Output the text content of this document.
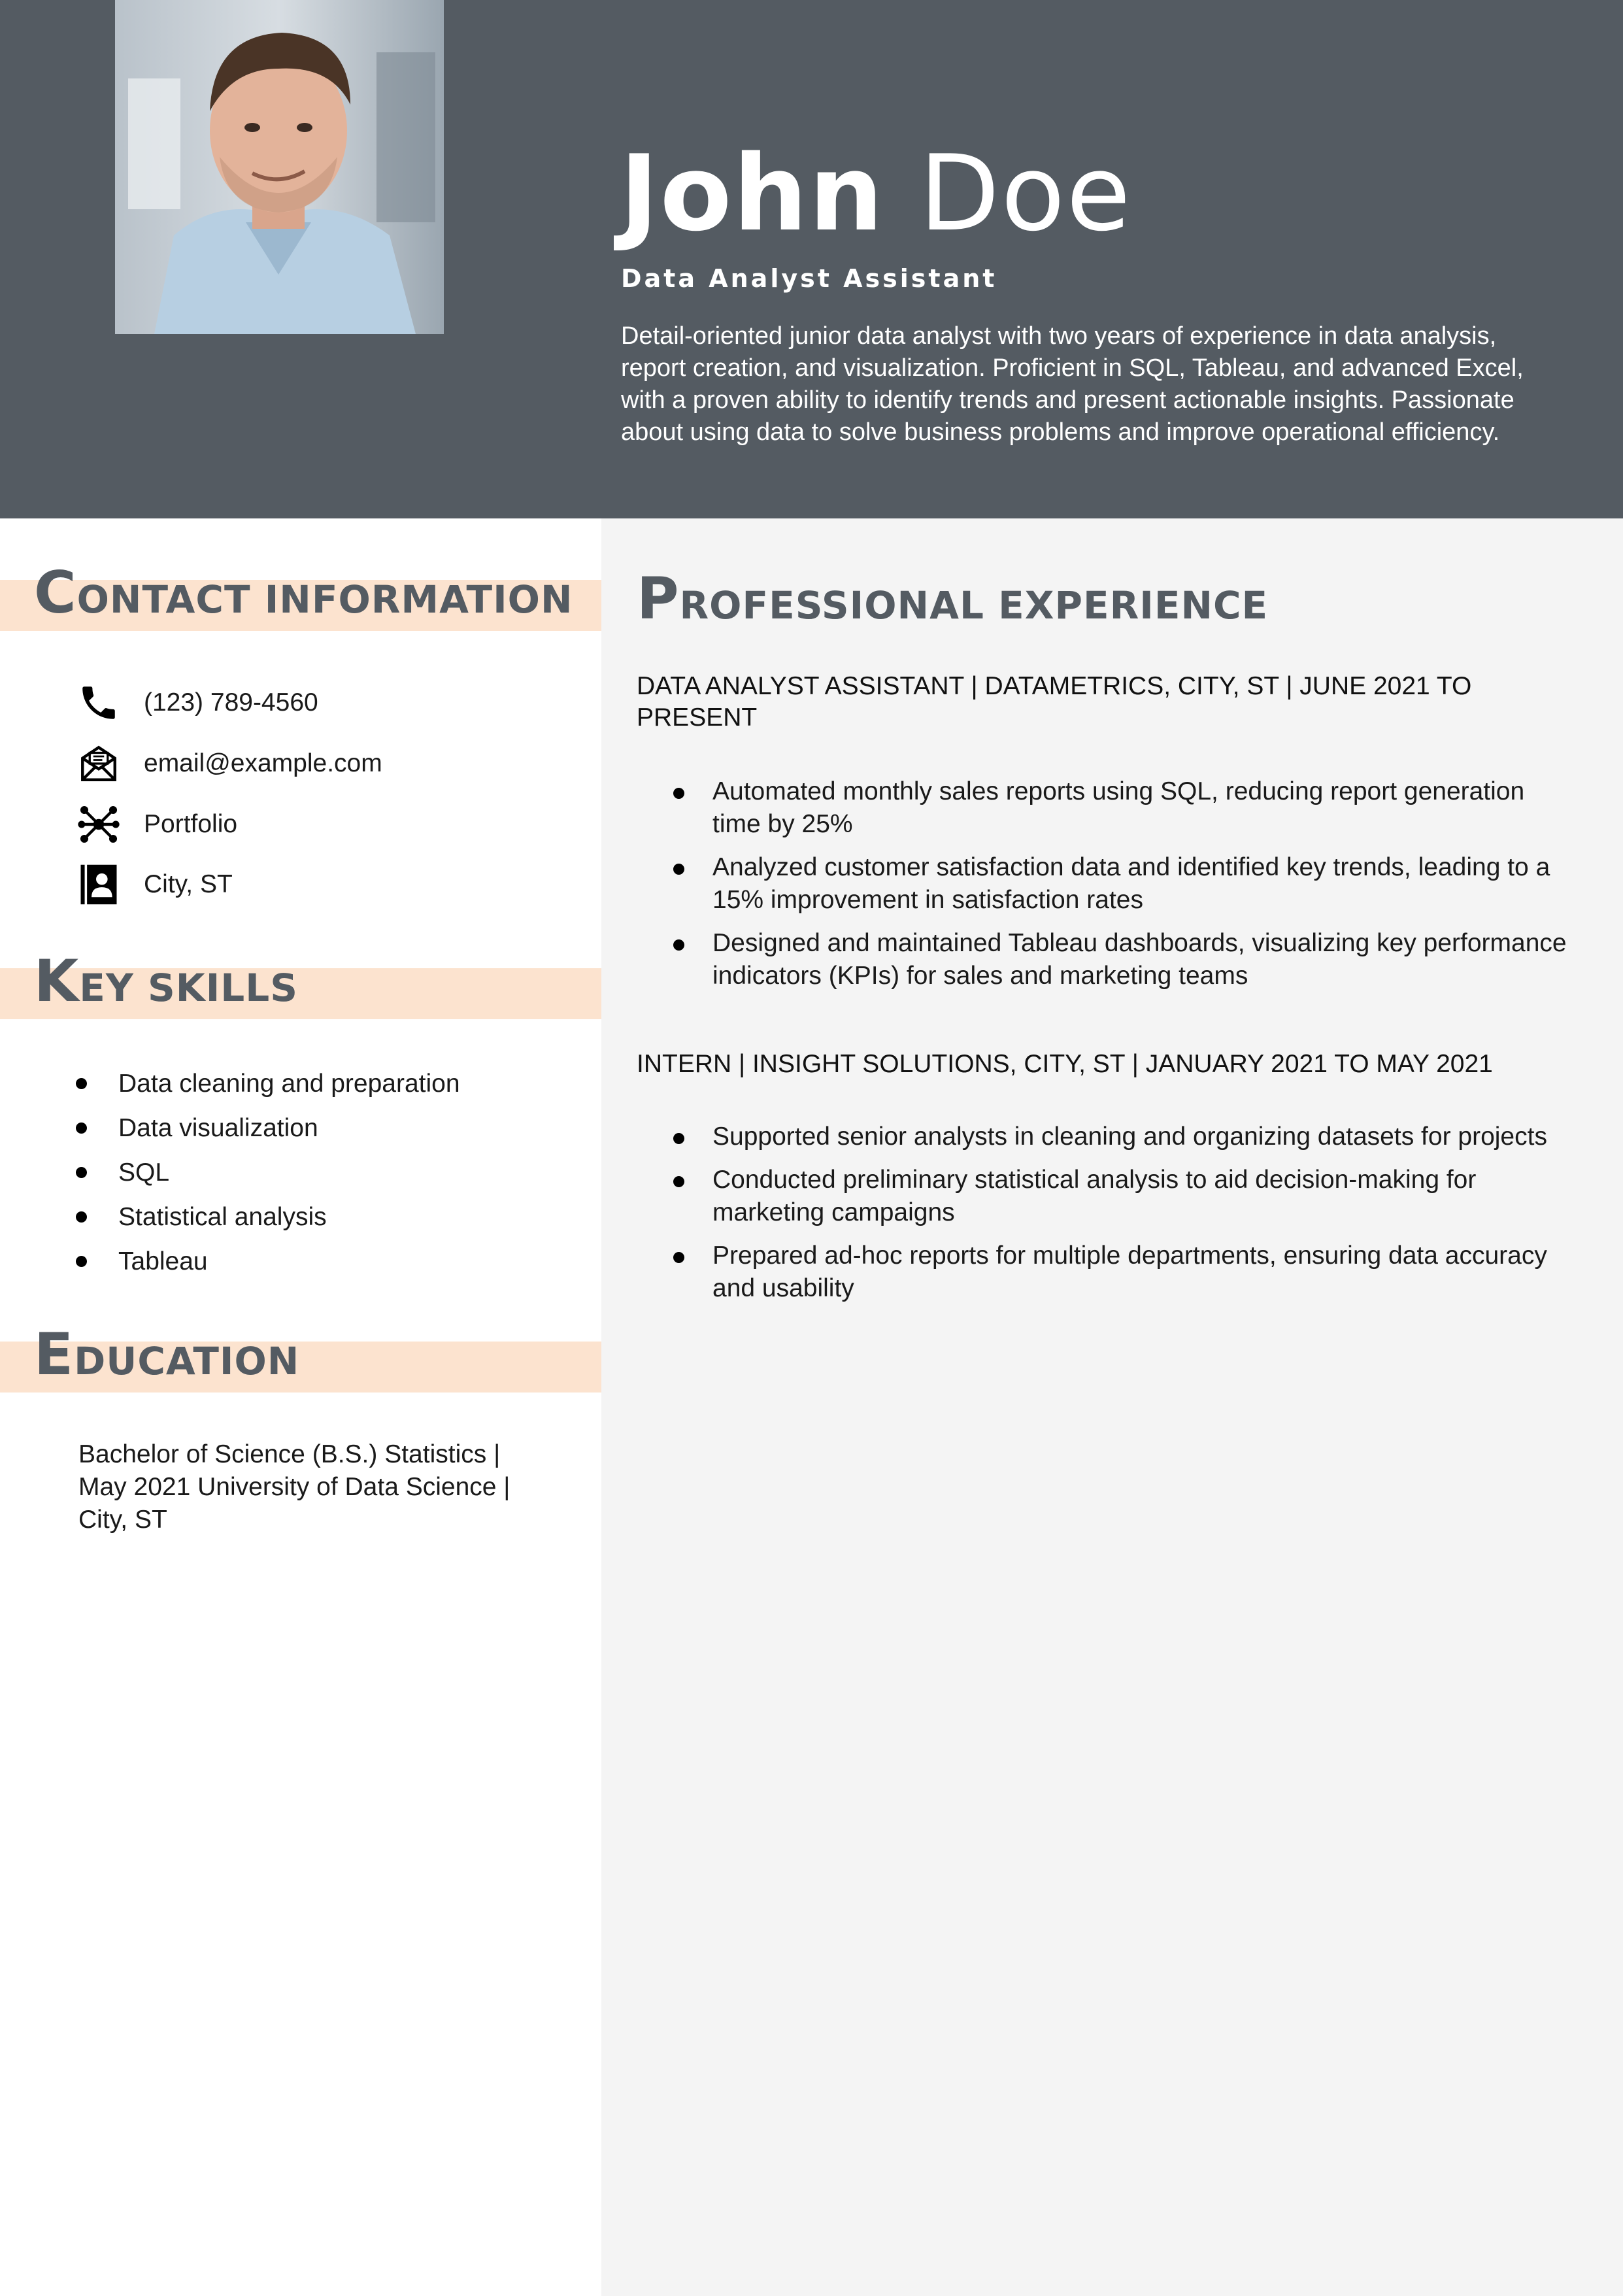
John Doe
Data Analyst Assistant
Detail-oriented junior data analyst with two years of experience in data analysis, report creation, and visualization. Proficient in SQL, Tableau, and advanced Excel, with a proven ability to identify trends and present actionable insights. Passionate about using data to solve business problems and improve operational efficiency.
CONTACT INFORMATION
(123) 789-4560
email@example.com
Portfolio
City, ST
KEY SKILLS
Data cleaning and preparation
Data visualization
SQL
Statistical analysis
Tableau
EDUCATION
Bachelor of Science (B.S.) Statistics | May 2021 University of Data Science | City, ST
PROFESSIONAL EXPERIENCE
DATA ANALYST ASSISTANT | DATAMETRICS, CITY, ST | JUNE 2021 TO PRESENT
Automated monthly sales reports using SQL, reducing report generation time by 25%
Analyzed customer satisfaction data and identified key trends, leading to a 15% improvement in satisfaction rates
Designed and maintained Tableau dashboards, visualizing key performance indicators (KPIs) for sales and marketing teams
INTERN | INSIGHT SOLUTIONS, CITY, ST | JANUARY 2021 TO MAY 2021
Supported senior analysts in cleaning and organizing datasets for projects
Conducted preliminary statistical analysis to aid decision-making for marketing campaigns
Prepared ad-hoc reports for multiple departments, ensuring data accuracy and usability
